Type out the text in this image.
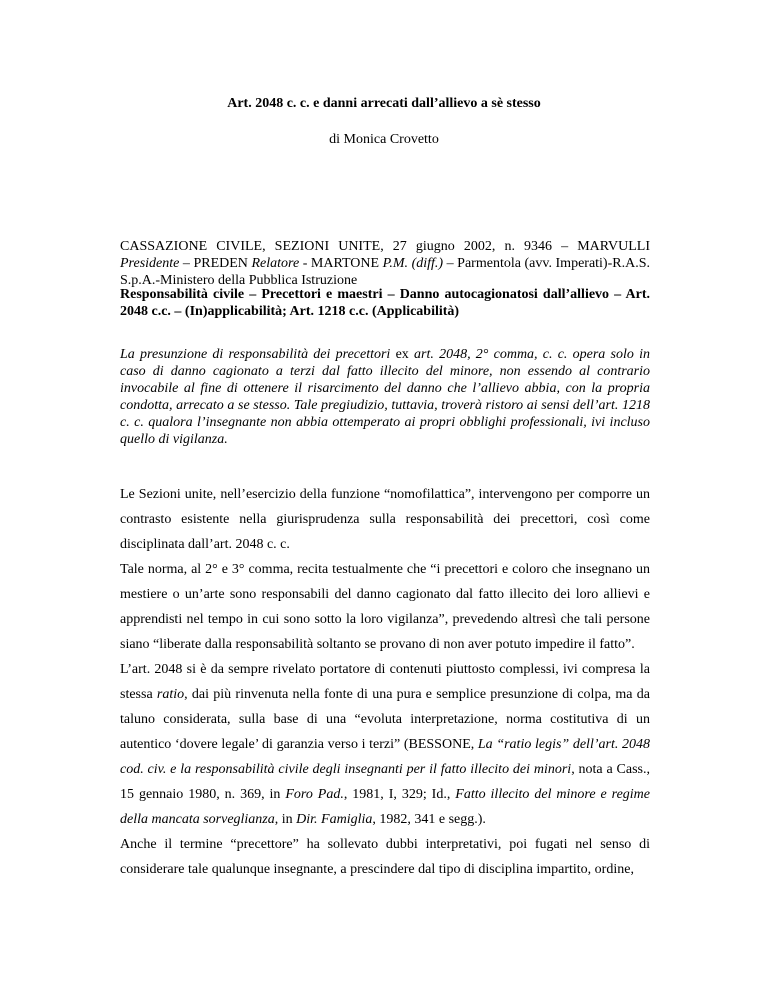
Art. 2048 c. c. e danni arrecati dall’allievo a sè stesso
di Monica Crovetto
CASSAZIONE CIVILE, SEZIONI UNITE, 27 giugno 2002, n. 9346 – MARVULLI Presidente – PREDEN Relatore - MARTONE P.M. (diff.) – Parmentola (avv. Imperati)-R.A.S. S.p.A.-Ministero della Pubblica Istruzione
Responsabilità civile – Precettori e maestri – Danno autocagionatosi dall’allievo – Art. 2048 c.c. – (In)applicabilità; Art. 1218 c.c. (Applicabilità)
La presunzione di responsabilità dei precettori ex art. 2048, 2° comma, c. c. opera solo in caso di danno cagionato a terzi dal fatto illecito del minore, non essendo al contrario invocabile al fine di ottenere il risarcimento del danno che l’allievo abbia, con la propria condotta, arrecato a se stesso. Tale pregiudizio, tuttavia, troverà ristoro ai sensi dell’art. 1218 c. c. qualora l’insegnante non abbia ottemperato ai propri obblighi professionali, ivi incluso quello di vigilanza.

Le Sezioni unite, nell’esercizio della funzione “nomofilattica”, intervengono per comporre un contrasto esistente nella giurisprudenza sulla responsabilità dei precettori, così come disciplinata dall’art. 2048 c. c.

Tale norma, al 2° e 3° comma, recita testualmente che “i precettori e coloro che insegnano un mestiere o un’arte sono responsabili del danno cagionato dal fatto illecito dei loro allievi e apprendisti nel tempo in cui sono sotto la loro vigilanza”, prevedendo altresì che tali persone siano “liberate dalla responsabilità soltanto se provano di non aver potuto impedire il fatto”.

L’art. 2048 si è da sempre rivelato portatore di contenuti piuttosto complessi, ivi compresa la stessa ratio, dai più rinvenuta nella fonte di una pura e semplice presunzione di colpa, ma da taluno considerata, sulla base di una “evoluta interpretazione, norma costitutiva di un autentico ‘dovere legale’ di garanzia verso i terzi” (BESSONE, La “ratio legis” dell’art. 2048 cod. civ. e la responsabilità civile degli insegnanti per il fatto illecito dei minori, nota a Cass., 15 gennaio 1980, n. 369, in Foro Pad., 1981, I, 329; Id., Fatto illecito del minore e regime della mancata sorveglianza, in Dir. Famiglia, 1982, 341 e segg.).

Anche il termine “precettore” ha sollevato dubbi interpretativi, poi fugati nel senso di considerare tale qualunque insegnante, a prescindere dal tipo di disciplina impartito, ordine,
